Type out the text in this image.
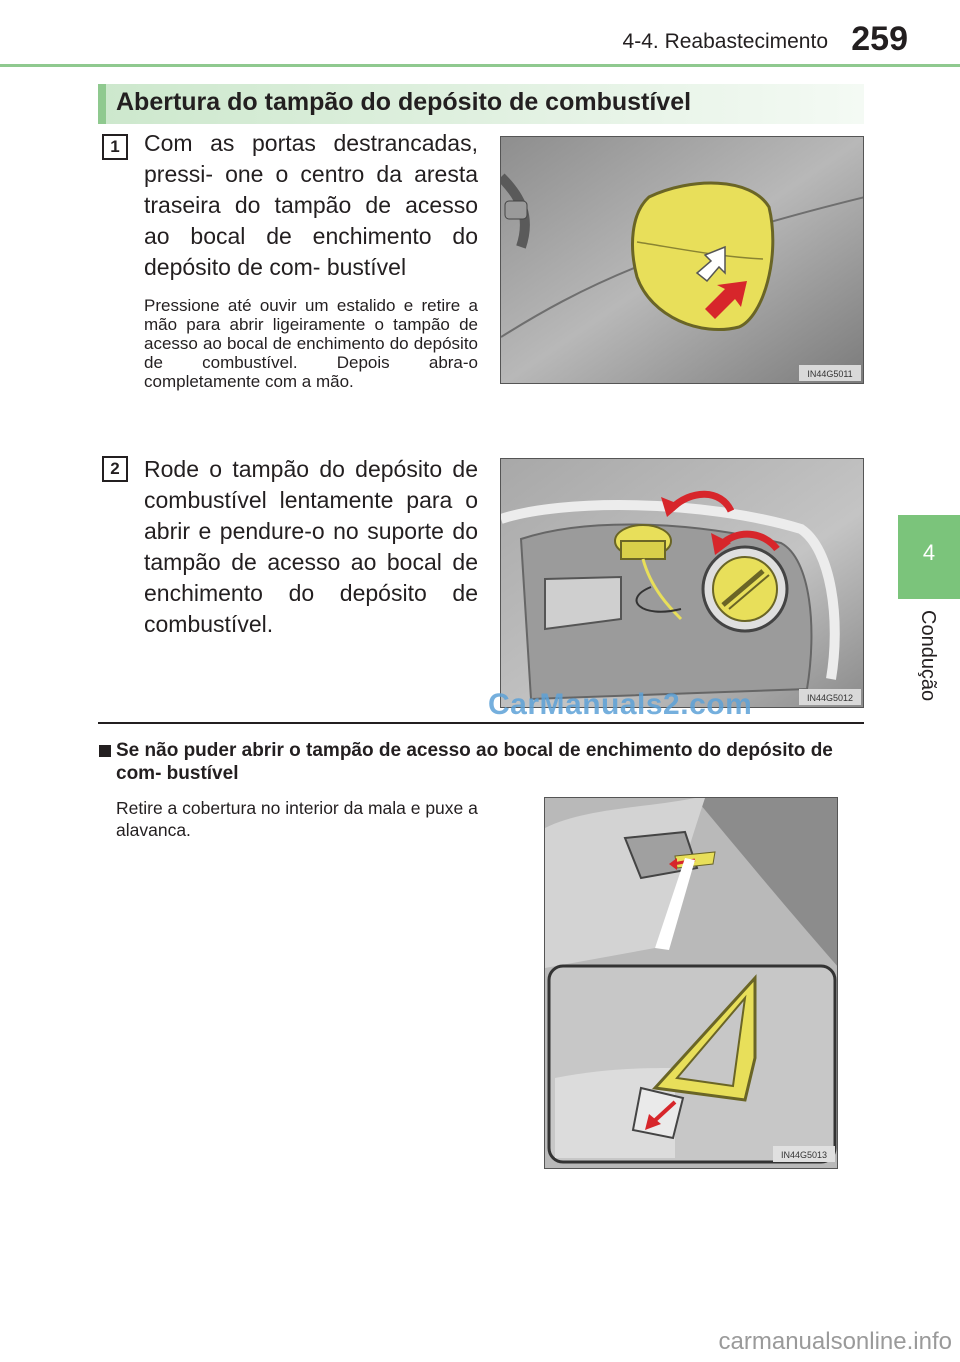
4-4. Reabastecimento 259
4
Condução
Abertura do tampão do depósito de combustível
1	Com as portas destrancadas, pressi- one o centro da aresta traseira do tampão de acesso ao bocal de enchimento do depósito de com- bustível
Pressione até ouvir um estalido e retire a mão para abrir ligeiramente o tampão de acesso ao bocal de enchimento do depósito de combustível. Depois abra-o completamente com a mão.	IN44G5011
2	Rode o tampão do depósito de combustível lentamente para o abrir e pendure-o no suporte do tampão de acesso ao bocal de enchimento do depósito de combustível.
IN44G5012
CarManuals2.com
Se não puder abrir o tampão de acesso ao bocal de enchimento do depósito de com- bustível
Retire a cobertura no interior da mala e puxe a alavanca.
IN44G5013
carmanualsonline.info
